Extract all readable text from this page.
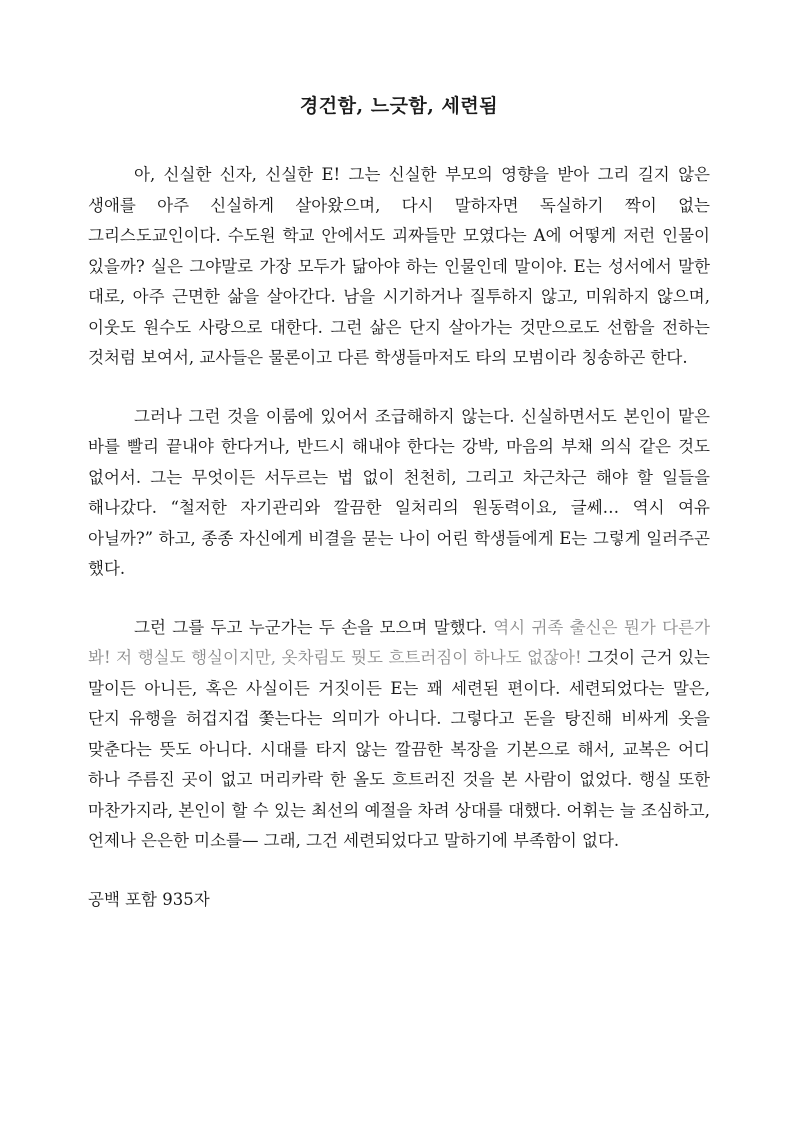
경건함, 느긋함, 세련됨

아, 신실한 신자, 신실한 E! 그는 신실한 부모의 영향을 받아 그리 길지 않은 생애를 아주 신실하게 살아왔으며, 다시 말하자면 독실하기 짝이 없는 그리스도교인이다. 수도원 학교 안에서도 괴짜들만 모였다는 A에 어떻게 저런 인물이 있을까? 실은 그야말로 가장 모두가 닮아야 하는 인물인데 말이야. E는 성서에서 말한 대로, 아주 근면한 삶을 살아간다. 남을 시기하거나 질투하지 않고, 미워하지 않으며, 이웃도 원수도 사랑으로 대한다. 그런 삶은 단지 살아가는 것만으로도 선함을 전하는 것처럼 보여서, 교사들은 물론이고 다른 학생들마저도 타의 모범이라 칭송하곤 한다.

그러나 그런 것을 이룸에 있어서 조급해하지 않는다. 신실하면서도 본인이 맡은 바를 빨리 끝내야 한다거나, 반드시 해내야 한다는 강박, 마음의 부채 의식 같은 것도 없어서. 그는 무엇이든 서두르는 법 없이 천천히, 그리고 차근차근 해야 할 일들을 해나갔다. “철저한 자기관리와 깔끔한 일처리의 원동력이요, 글쎄… 역시 여유 아닐까?” 하고, 종종 자신에게 비결을 묻는 나이 어린 학생들에게 E는 그렇게 일러주곤 했다.

그런 그를 두고 누군가는 두 손을 모으며 말했다. 역시 귀족 출신은 뭔가 다른가 봐! 저 행실도 행실이지만, 옷차림도 뭣도 흐트러짐이 하나도 없잖아! 그것이 근거 있는 말이든 아니든, 혹은 사실이든 거짓이든 E는 꽤 세련된 편이다. 세련되었다는 말은, 단지 유행을 허겁지겁 쫓는다는 의미가 아니다. 그렇다고 돈을 탕진해 비싸게 옷을 맞춘다는 뜻도 아니다. 시대를 타지 않는 깔끔한 복장을 기본으로 해서, 교복은 어디 하나 주름진 곳이 없고 머리카락 한 올도 흐트러진 것을 본 사람이 없었다. 행실 또한 마찬가지라, 본인이 할 수 있는 최선의 예절을 차려 상대를 대했다. 어휘는 늘 조심하고, 언제나 은은한 미소를— 그래, 그건 세련되었다고 말하기에 부족함이 없다.

공백 포함 935자
